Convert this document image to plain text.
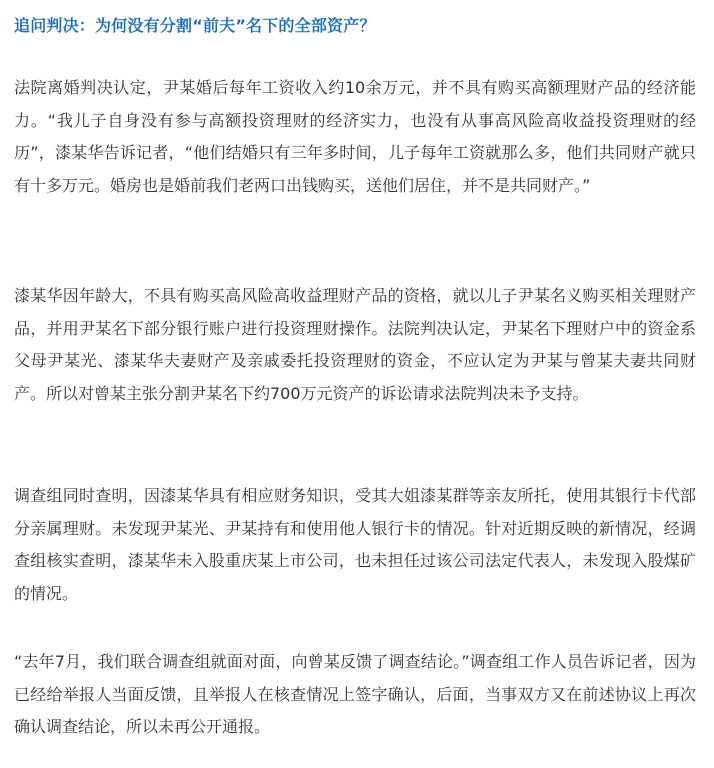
追问判决：为何没有分割“前夫”名下的全部资产？

法院离婚判决认定，尹某婚后每年工资收入约10余万元，并不具有购买高额理财产品的经济能力。“我儿子自身没有参与高额投资理财的经济实力，也没有从事高风险高收益投资理财的经历”，漆某华告诉记者，“他们结婚只有三年多时间，儿子每年工资就那么多，他们共同财产就只有十多万元。婚房也是婚前我们老两口出钱购买，送他们居住，并不是共同财产。”

漆某华因年龄大，不具有购买高风险高收益理财产品的资格，就以儿子尹某名义购买相关理财产品，并用尹某名下部分银行账户进行投资理财操作。法院判决认定，尹某名下理财户中的资金系父母尹某光、漆某华夫妻财产及亲戚委托投资理财的资金，不应认定为尹某与曾某夫妻共同财产。所以对曾某主张分割尹某名下约700万元资产的诉讼请求法院判决未予支持。

调查组同时查明，因漆某华具有相应财务知识，受其大姐漆某群等亲友所托，使用其银行卡代部分亲属理财。未发现尹某光、尹某持有和使用他人银行卡的情况。针对近期反映的新情况，经调查组核实查明，漆某华未入股重庆某上市公司，也未担任过该公司法定代表人，未发现入股煤矿的情况。

“去年7月，我们联合调查组就面对面，向曾某反馈了调查结论。”调查组工作人员告诉记者，因为已经给举报人当面反馈，且举报人在核查情况上签字确认，后面，当事双方又在前述协议上再次确认调查结论，所以未再公开通报。
